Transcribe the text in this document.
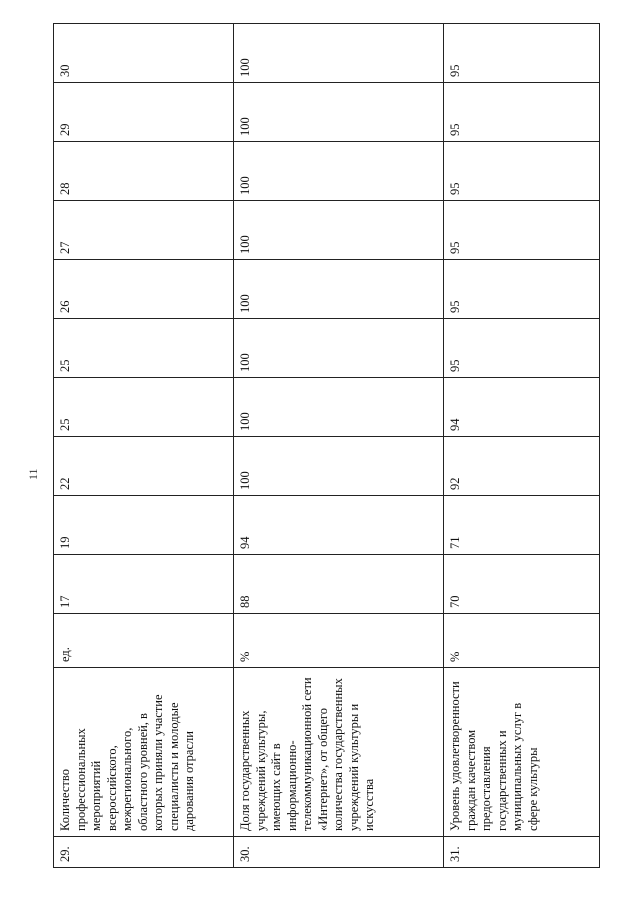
11
29.	Количество профессиональных мероприятий всероссийского, межрегионального, областного уровней, в которых приняли участие специалисты и молодые дарования отрасли	ед.	17	19	22	25	25	26	27	28	29	30
30.	Доля государственных учреждений культуры, имеющих сайт в информационно-телекоммуникационной сети «Интернет», от общего количества государственных учреждений культуры и искусства	%	88	94	100	100	100	100	100	100	100	100
31.	Уровень удовлетворенности граждан качеством предоставления государственных и муниципальных услуг в сфере культуры	%	70	71	92	94	95	95	95	95	95	95
